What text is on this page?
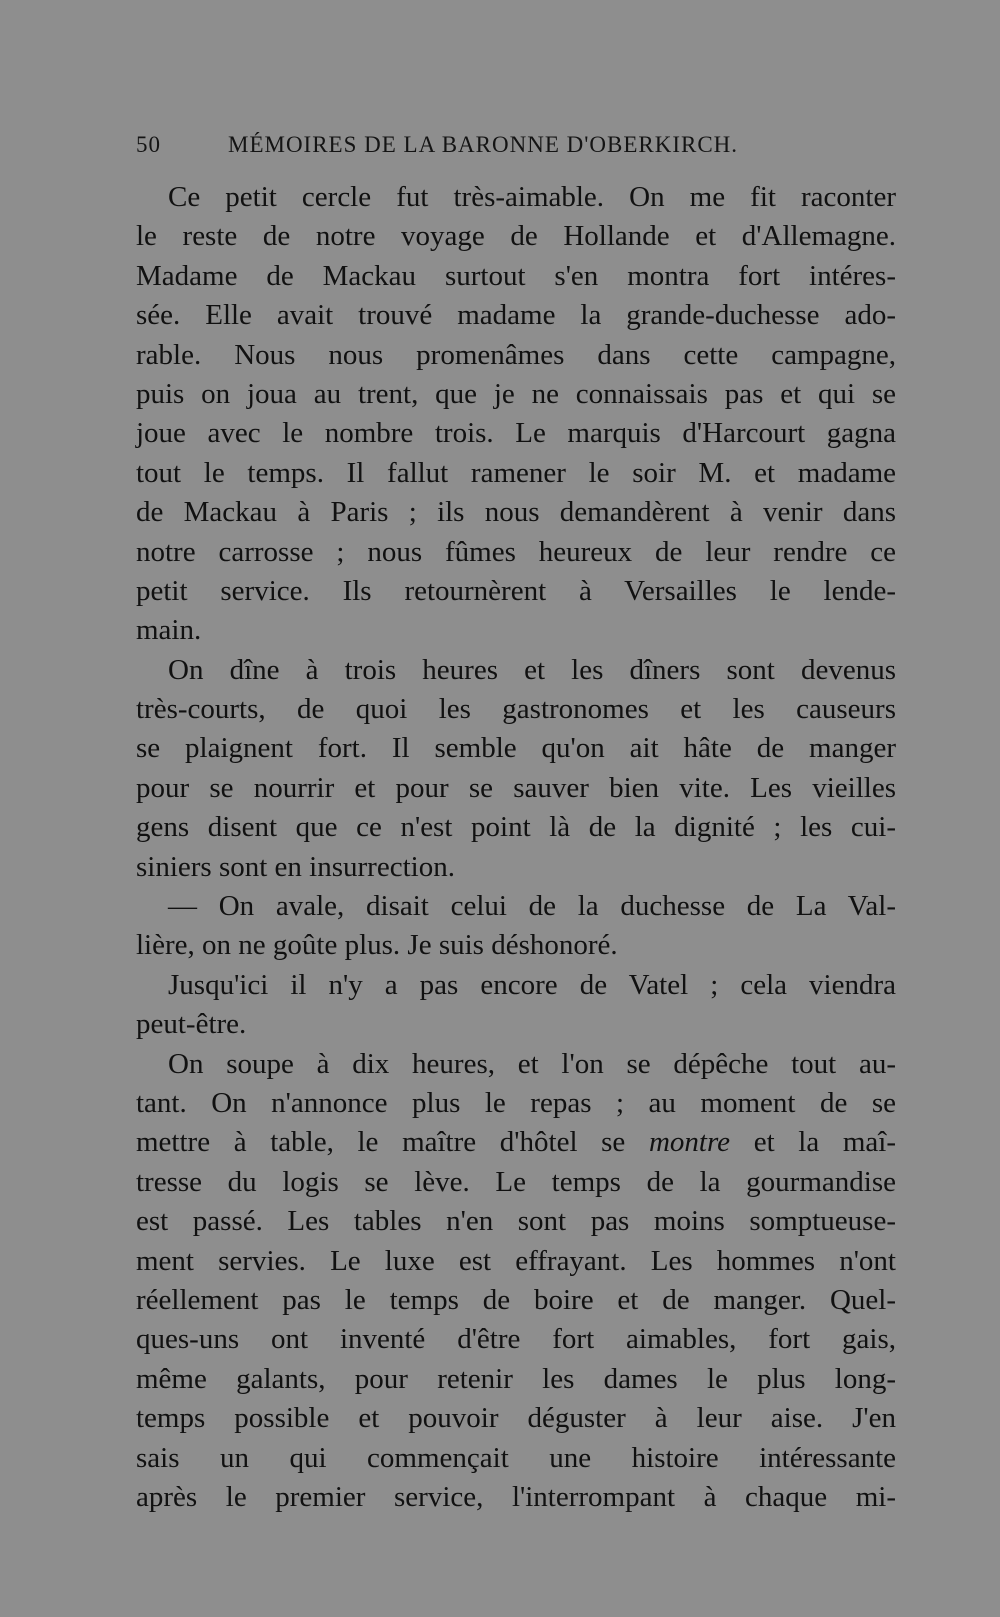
50	MÉMOIRES DE LA BARONNE D'OBERKIRCH.
Ce petit cercle fut très-aimable. On me fit raconter
le reste de notre voyage de Hollande et d'Allemagne.
Madame de Mackau surtout s'en montra fort intéres-
sée. Elle avait trouvé madame la grande-duchesse ado-
rable. Nous nous promenâmes dans cette campagne,
puis on joua au trent, que je ne connaissais pas et qui se
joue avec le nombre trois. Le marquis d'Harcourt gagna
tout le temps. Il fallut ramener le soir M. et madame
de Mackau à Paris ; ils nous demandèrent à venir dans
notre carrosse ; nous fûmes heureux de leur rendre ce
petit service. Ils retournèrent à Versailles le lende-
main.
On dîne à trois heures et les dîners sont devenus
très-courts, de quoi les gastronomes et les causeurs
se plaignent fort. Il semble qu'on ait hâte de manger
pour se nourrir et pour se sauver bien vite. Les vieilles
gens disent que ce n'est point là de la dignité ; les cui-
siniers sont en insurrection.
— On avale, disait celui de la duchesse de La Val-
lière, on ne goûte plus. Je suis déshonoré.
Jusqu'ici il n'y a pas encore de Vatel ; cela viendra
peut-être.
On soupe à dix heures, et l'on se dépêche tout au-
tant. On n'annonce plus le repas ; au moment de se
mettre à table, le maître d'hôtel se montre et la maî-
tresse du logis se lève. Le temps de la gourmandise
est passé. Les tables n'en sont pas moins somptueuse-
ment servies. Le luxe est effrayant. Les hommes n'ont
réellement pas le temps de boire et de manger. Quel-
ques-uns ont inventé d'être fort aimables, fort gais,
même galants, pour retenir les dames le plus long-
temps possible et pouvoir déguster à leur aise. J'en
sais un qui commençait une histoire intéressante
après le premier service, l'interrompant à chaque mi-
